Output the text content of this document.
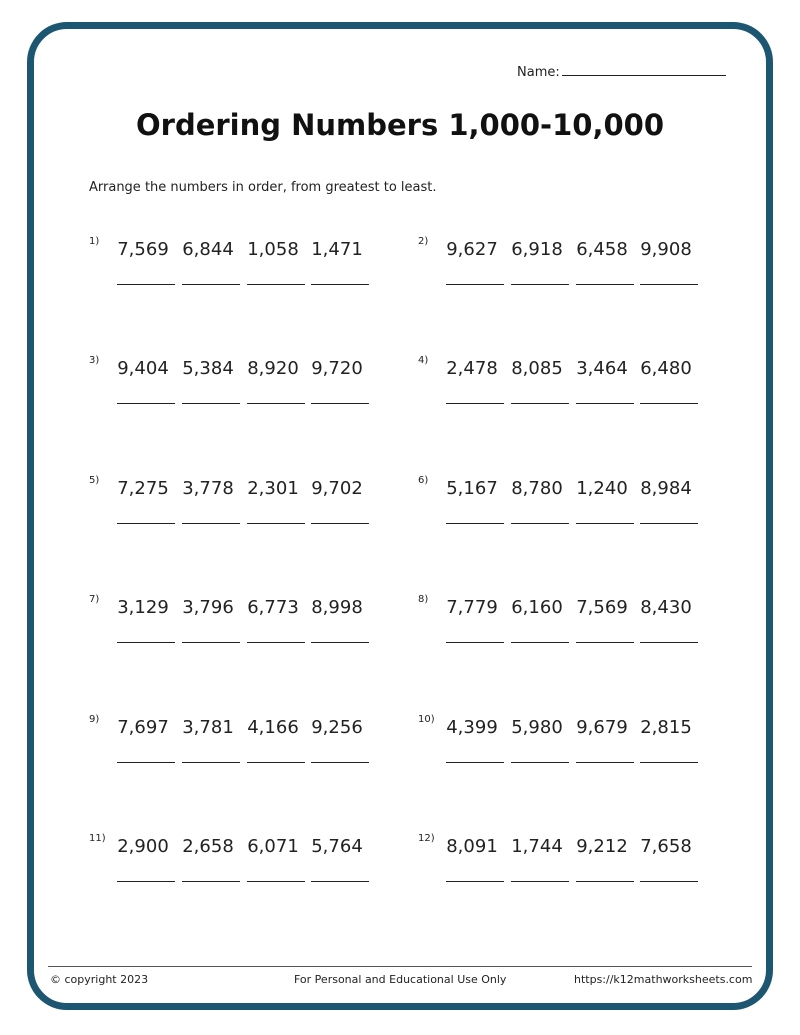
Name:
Ordering Numbers 1,000-10,000
Arrange the numbers in order, from greatest to least.
1) 7,569 6,844 1,058 1,471	2) 9,627 6,918 6,458 9,908
3) 9,404 5,384 8,920 9,720	4) 2,478 8,085 3,464 6,480
5) 7,275 3,778 2,301 9,702	6) 5,167 8,780 1,240 8,984
7) 3,129 3,796 6,773 8,998	8) 7,779 6,160 7,569 8,430
9) 7,697 3,781 4,166 9,256	10) 4,399 5,980 9,679 2,815
11) 2,900 2,658 6,071 5,764	12) 8,091 1,744 9,212 7,658
© copyright 2023	For Personal and Educational Use Only	https://k12mathworksheets.com
